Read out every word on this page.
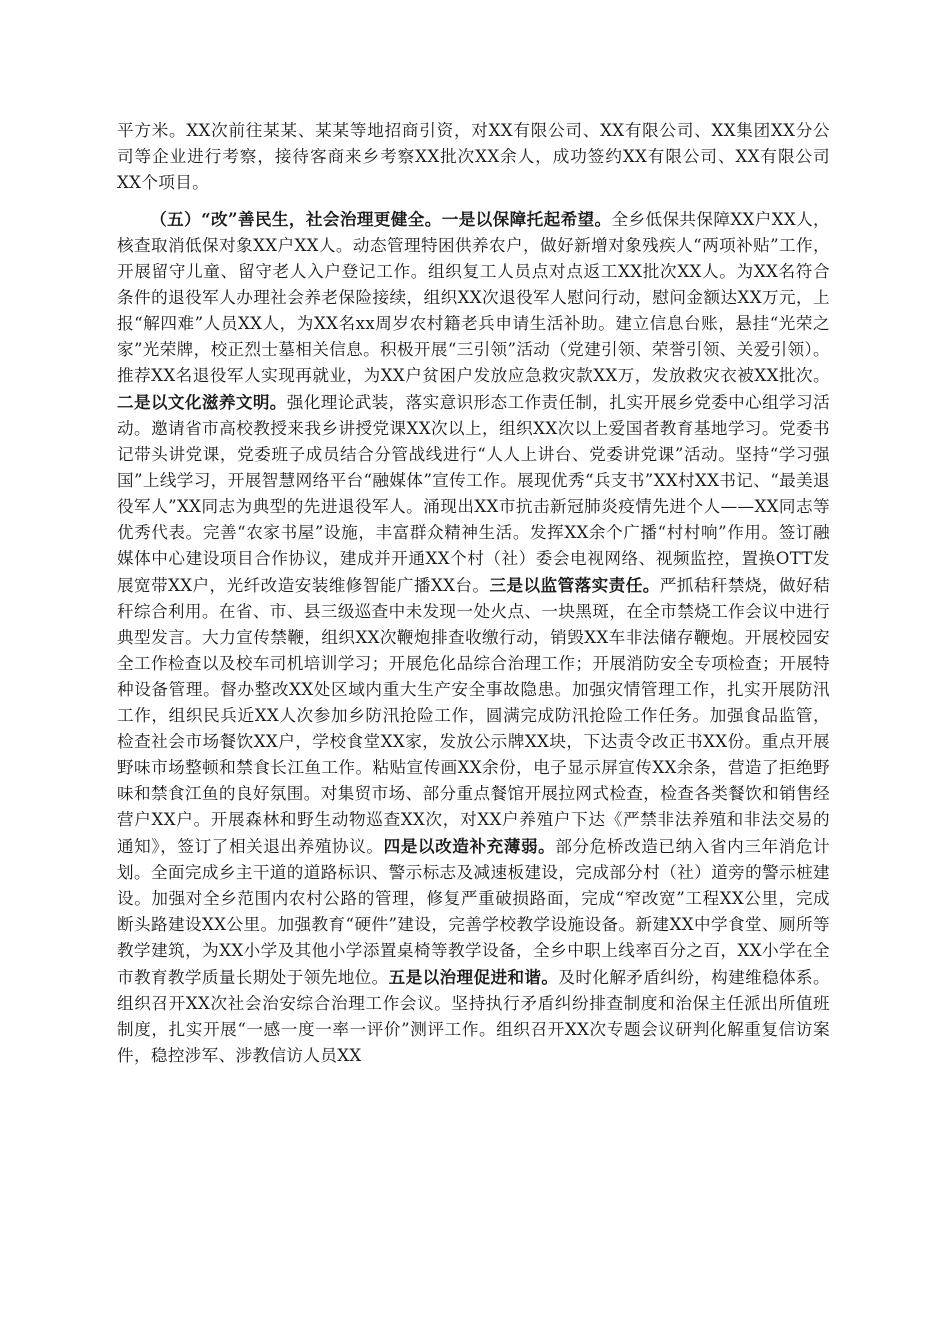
平方米。XX次前往某某、某某等地招商引资，对XX有限公司、XX有限公司、XX集团XX分公司等企业进行考察，接待客商来乡考察XX批次XX余人，成功签约XX有限公司、XX有限公司XX个项目。

（五）“改”善民生，社会治理更健全。一是以保障托起希望。全乡低保共保障XX户XX人，核查取消低保对象XX户XX人。动态管理特困供养农户，做好新增对象残疾人“两项补贴”工作，开展留守儿童、留守老人入户登记工作。组织复工人员点对点返工XX批次XX人。为XX名符合条件的退役军人办理社会养老保险接续，组织XX次退役军人慰问行动，慰问金额达XX万元，上报“解四难”人员XX人，为XX名xx周岁农村籍老兵申请生活补助。建立信息台账，悬挂“光荣之家”光荣牌，校正烈士墓相关信息。积极开展“三引领”活动（党建引领、荣誉引领、关爱引领）。推荐XX名退役军人实现再就业，为XX户贫困户发放应急救灾款XX万，发放救灾衣被XX批次。二是以文化滋养文明。强化理论武装，落实意识形态工作责任制，扎实开展乡党委中心组学习活动。邀请省市高校教授来我乡讲授党课XX次以上，组织XX次以上爱国者教育基地学习。党委书记带头讲党课，党委班子成员结合分管战线进行“人人上讲台、党委讲党课”活动。坚持“学习强国”上线学习，开展智慧网络平台“融媒体”宣传工作。展现优秀“兵支书”XX村XX书记、“最美退役军人”XX同志为典型的先进退役军人。涌现出XX市抗击新冠肺炎疫情先进个人——XX同志等优秀代表。完善“农家书屋”设施，丰富群众精神生活。发挥XX余个广播“村村响”作用。签订融媒体中心建设项目合作协议，建成并开通XX个村（社）委会电视网络、视频监控，置换OTT发展宽带XX户，光纤改造安装维修智能广播XX台。三是以监管落实责任。严抓秸秆禁烧，做好秸秆综合利用。在省、市、县三级巡查中未发现一处火点、一块黑斑，在全市禁烧工作会议中进行典型发言。大力宣传禁鞭，组织XX次鞭炮排查收缴行动，销毁XX车非法储存鞭炮。开展校园安全工作检查以及校车司机培训学习；开展危化品综合治理工作；开展消防安全专项检查；开展特种设备管理。督办整改XX处区域内重大生产安全事故隐患。加强灾情管理工作，扎实开展防汛工作，组织民兵近XX人次参加乡防汛抢险工作，圆满完成防汛抢险工作任务。加强食品监管，检查社会市场餐饮XX户，学校食堂XX家，发放公示牌XX块，下达责令改正书XX份。重点开展野味市场整顿和禁食长江鱼工作。粘贴宣传画XX余份，电子显示屏宣传XX余条，营造了拒绝野味和禁食江鱼的良好氛围。对集贸市场、部分重点餐馆开展拉网式检查，检查各类餐饮和销售经营户XX户。开展森林和野生动物巡查XX次，对XX户养殖户下达《严禁非法养殖和非法交易的通知》，签订了相关退出养殖协议。四是以改造补充薄弱。部分危桥改造已纳入省内三年消危计划。全面完成乡主干道的道路标识、警示标志及减速板建设，完成部分村（社）道旁的警示桩建设。加强对全乡范围内农村公路的管理，修复严重破损路面，完成“窄改宽”工程XX公里，完成断头路建设XX公里。加强教育“硬件”建设，完善学校教学设施设备。新建XX中学食堂、厕所等教学建筑，为XX小学及其他小学添置桌椅等教学设备，全乡中职上线率百分之百，XX小学在全市教育教学质量长期处于领先地位。五是以治理促进和谐。及时化解矛盾纠纷，构建维稳体系。组织召开XX次社会治安综合治理工作会议。坚持执行矛盾纠纷排查制度和治保主任派出所值班制度，扎实开展“一感一度一率一评价”测评工作。组织召开XX次专题会议研判化解重复信访案件，稳控涉军、涉教信访人员XX
